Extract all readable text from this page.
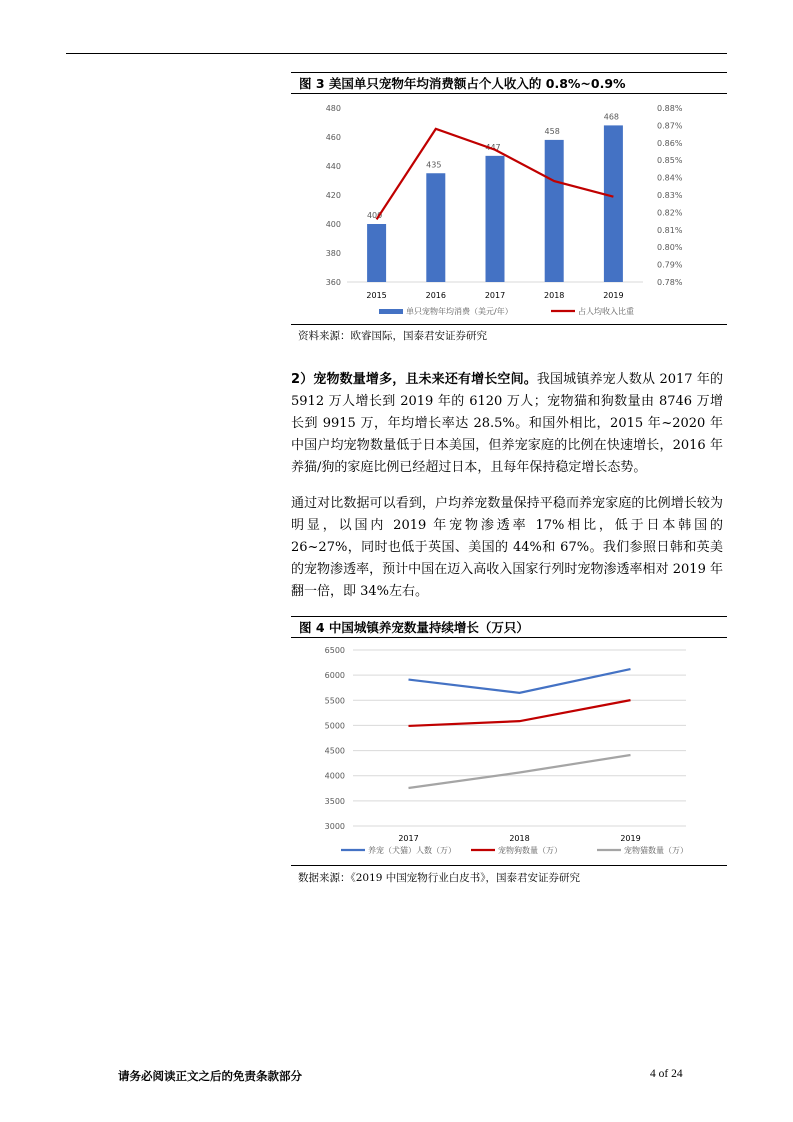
图 3 美国单只宠物年均消费额占个人收入的 0.8%~0.9%
480
460
440
420
400
380
360
0.88%
0.87%
0.86%
0.85%
0.84%
0.83%
0.82%
0.81%
0.80%
0.79%
0.78%
400
2015
435
2016
447
2017
458
2018
468
2019
单只宠物年均消费（美元/年）	占人均收入比重
资料来源：欧睿国际，国泰君安证券研究

2）宠物数量增多，且未来还有增长空间。我国城镇养宠人数从 2017 年的 5912 万人增长到 2019 年的 6120 万人；宠物猫和狗数量由 8746 万增长到 9915 万，年均增长率达 28.5%。和国外相比，2015 年~2020 年中国户均宠物数量低于日本美国，但养宠家庭的比例在快速增长，2016 年养猫/狗的家庭比例已经超过日本，且每年保持稳定增长态势。

通过对比数据可以看到，户均养宠数量保持平稳而养宠家庭的比例增长较为明显，以国内 2019 年宠物渗透率 17%相比，低于日本韩国的 26~27%，同时也低于英国、美国的 44%和 67%。我们参照日韩和英美的宠物渗透率，预计中国在迈入高收入国家行列时宠物渗透率相对 2019 年翻一倍，即 34%左右。

图 4 中国城镇养宠数量持续增长（万只）
6500
6000
5500
5000
4500
4000
3500
3000
2017	2018	2019
养宠（犬猫）人数（万）	宠物狗数量（万）	宠物猫数量（万）
数据来源：《2019 中国宠物行业白皮书》，国泰君安证券研究
请务必阅读正文之后的免责条款部分	4 of 24
